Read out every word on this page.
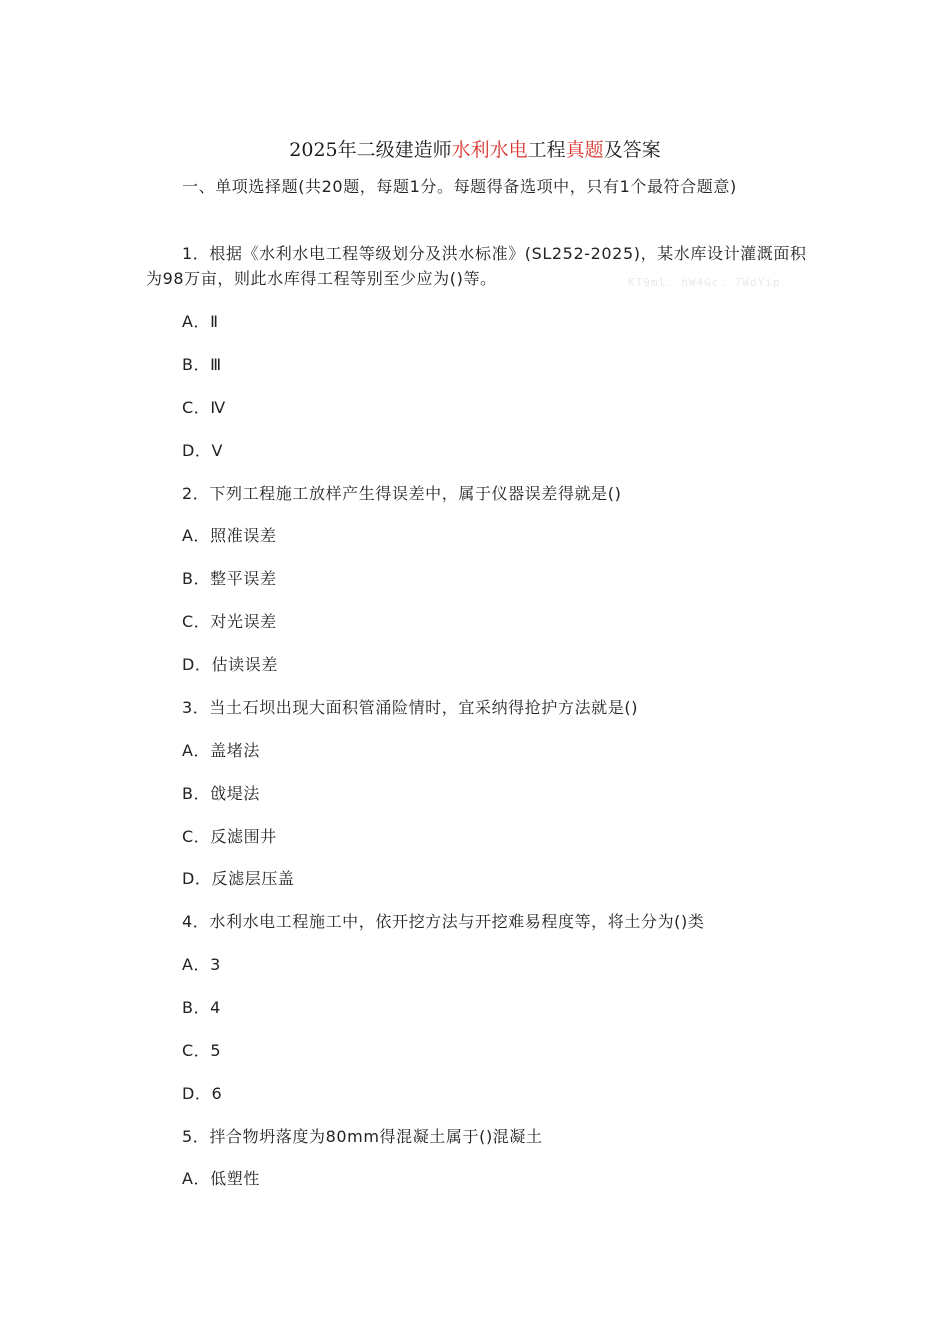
2025年二级建造师水利水电工程真题及答案
一、单项选择题(共20题，每题1分。每题得备选项中，只有1个最符合题意)
1．根据《水利水电工程等级划分及洪水标准》(SL252-2025)，某水库设计灌溉面积为98万亩，则此水库得工程等别至少应为()等。	KT9ml. hW4Gc. 7WdYip
A．Ⅱ
B．Ⅲ
C．Ⅳ
D．Ⅴ
2．下列工程施工放样产生得误差中，属于仪器误差得就是()
A．照准误差
B．整平误差
C．对光误差
D．估读误差
3．当土石坝出现大面积管涌险情时，宜采纳得抢护方法就是()
A．盖堵法
B．戗堤法
C．反滤围井
D．反滤层压盖
4．水利水电工程施工中，依开挖方法与开挖难易程度等，将土分为()类
A．3
B．4
C．5
D．6
5．拌合物坍落度为80mm得混凝土属于()混凝土
A．低塑性
